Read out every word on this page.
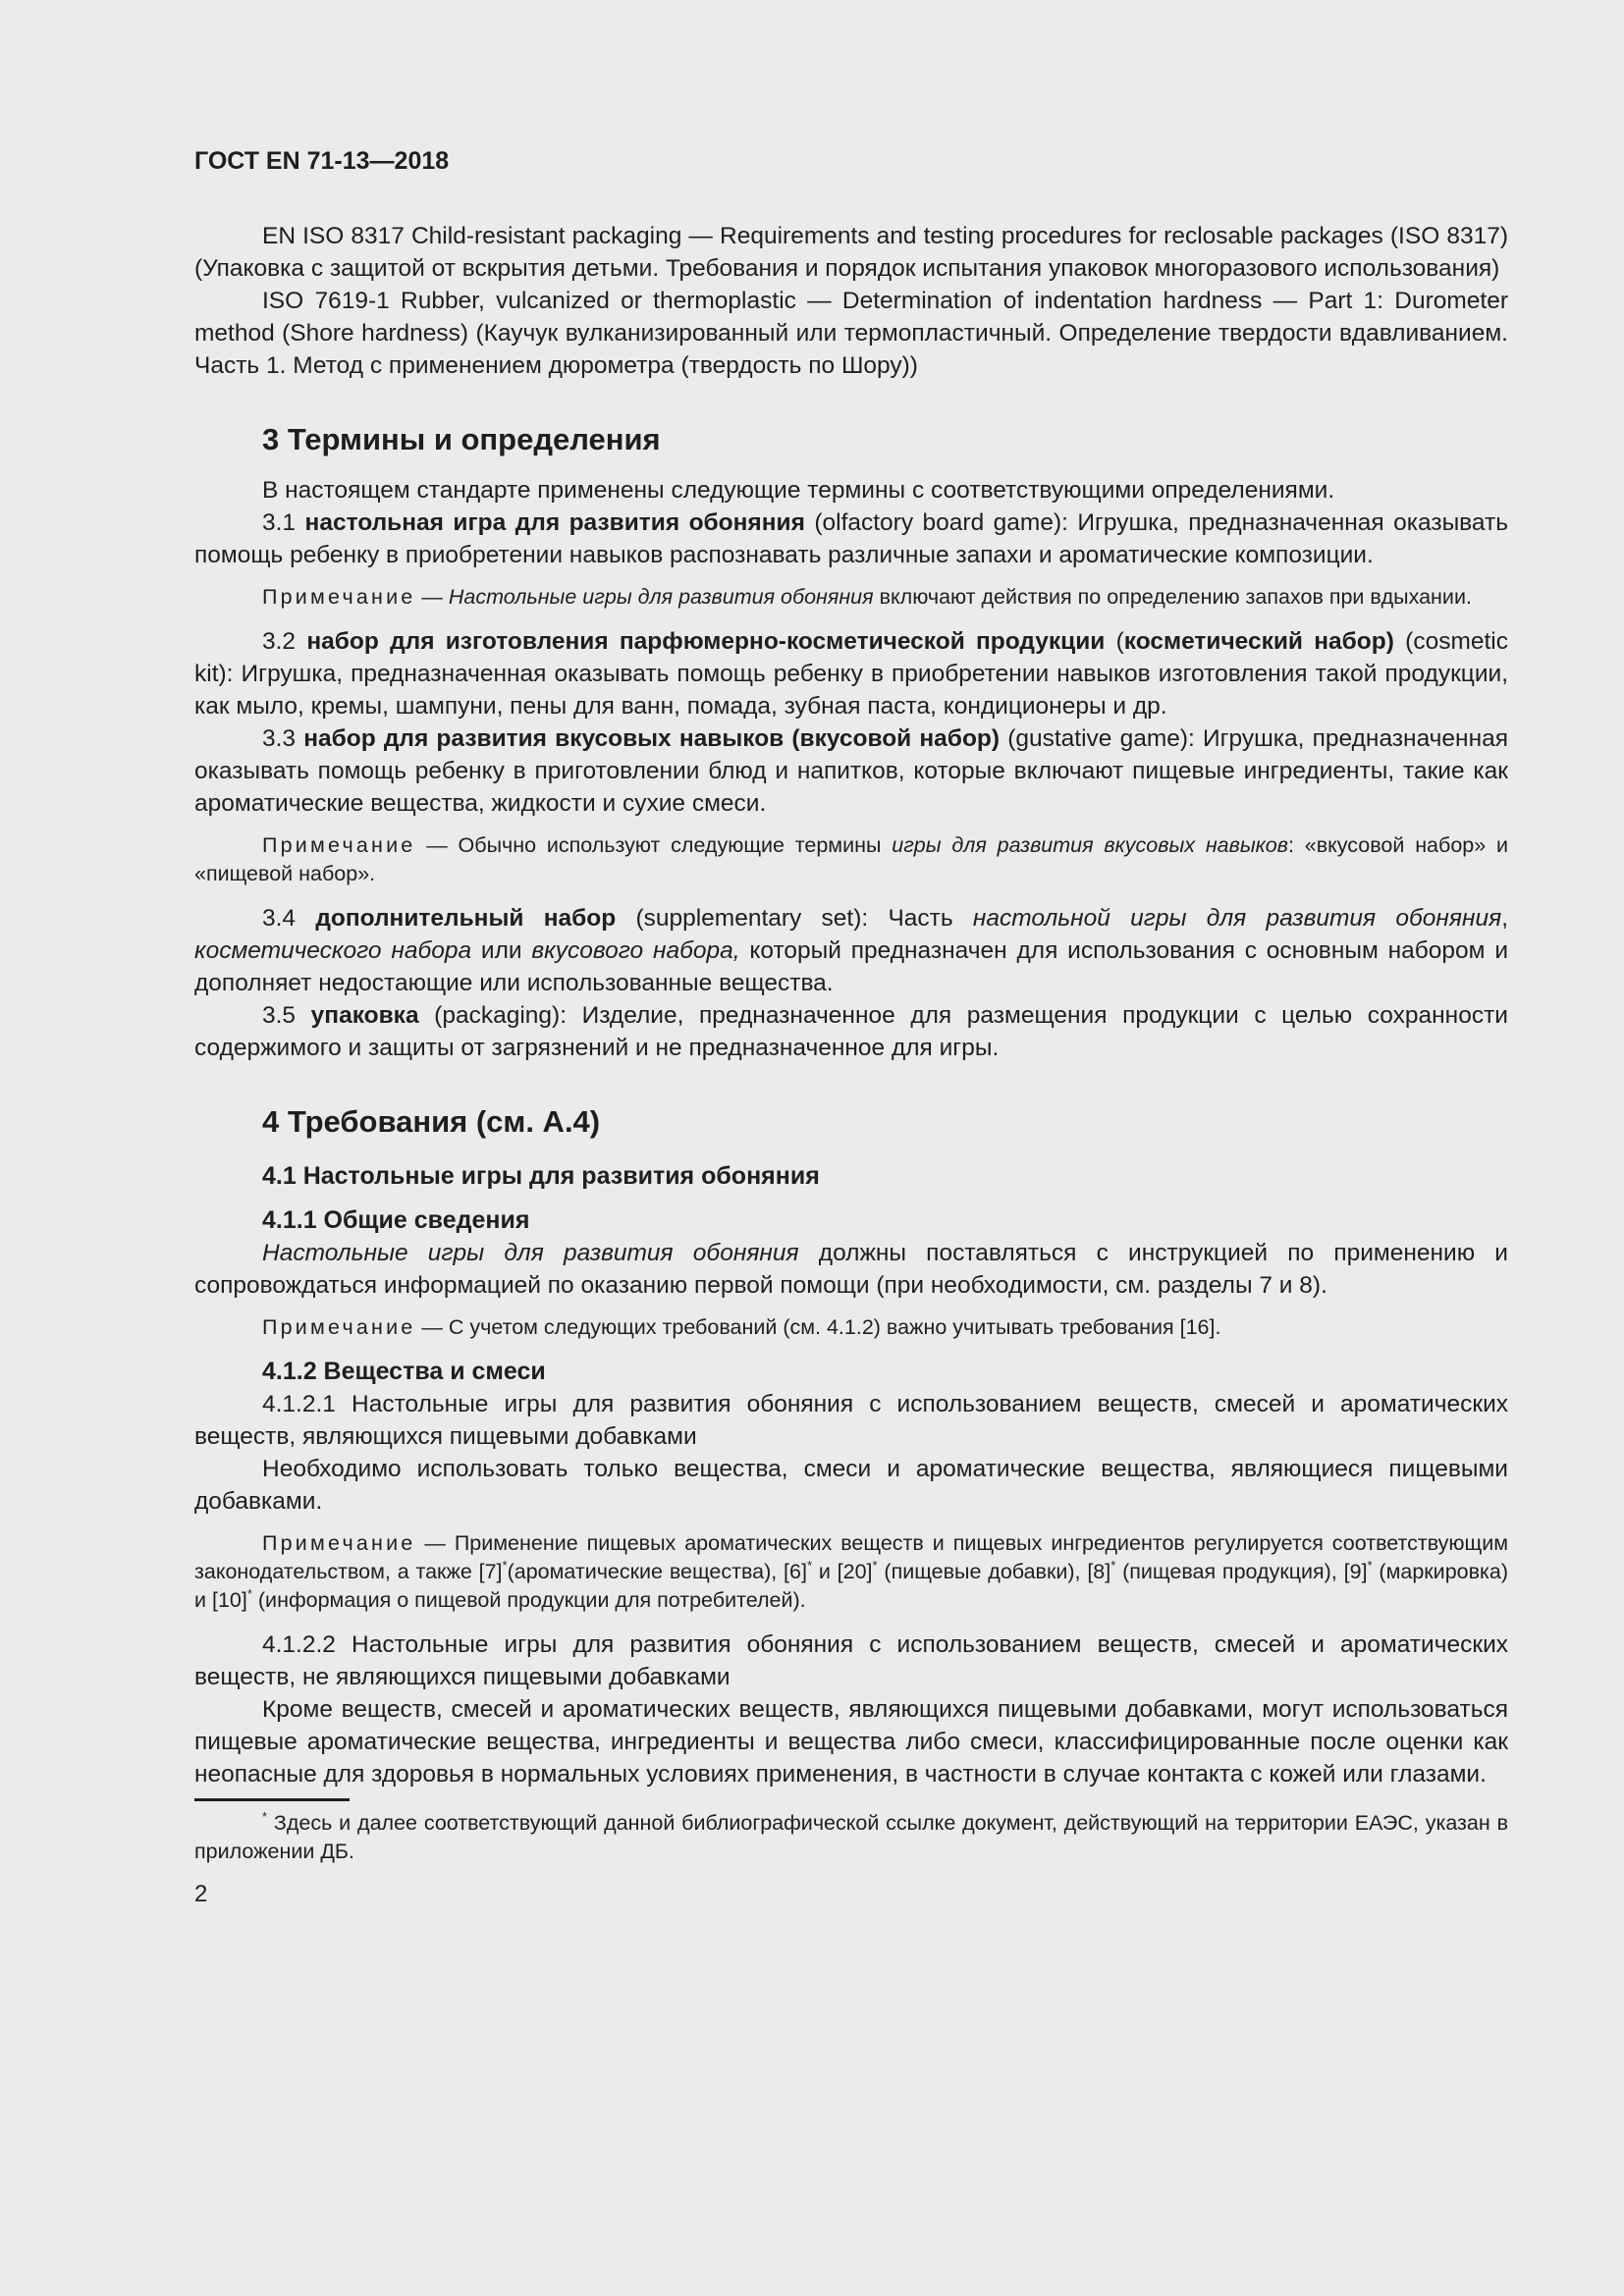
ГОСТ EN 71-13—2018

EN ISO 8317 Child-resistant packaging — Requirements and testing procedures for reclosable packages (ISO 8317) (Упаковка с защитой от вскрытия детьми. Требования и порядок испытания упаковок многоразового использования)

ISO 7619-1 Rubber, vulcanized or thermoplastic — Determination of indentation hardness — Part 1: Durometer method (Shore hardness) (Каучук вулканизированный или термопластичный. Определение твердости вдавливанием. Часть 1. Метод с применением дюрометра (твердость по Шору))

3 Термины и определения

В настоящем стандарте применены следующие термины с соответствующими определениями.

3.1 настольная игра для развития обоняния (olfactory board game): Игрушка, предназначенная оказывать помощь ребенку в приобретении навыков распознавать различные запахи и ароматические композиции.

Примечание — Настольные игры для развития обоняния включают действия по определению запахов при вдыхании.

3.2 набор для изготовления парфюмерно-косметической продукции (косметический набор) (cosmetic kit): Игрушка, предназначенная оказывать помощь ребенку в приобретении навыков изготовления такой продукции, как мыло, кремы, шампуни, пены для ванн, помада, зубная паста, кондиционеры и др.

3.3 набор для развития вкусовых навыков (вкусовой набор) (gustative game): Игрушка, предназначенная оказывать помощь ребенку в приготовлении блюд и напитков, которые включают пищевые ингредиенты, такие как ароматические вещества, жидкости и сухие смеси.

Примечание — Обычно используют следующие термины игры для развития вкусовых навыков: «вкусовой набор» и «пищевой набор».

3.4 дополнительный набор (supplementary set): Часть настольной игры для развития обоняния, косметического набора или вкусового набора, который предназначен для использования с основным набором и дополняет недостающие или использованные вещества.

3.5 упаковка (packaging): Изделие, предназначенное для размещения продукции с целью сохранности содержимого и защиты от загрязнений и не предназначенное для игры.

4 Требования (см. А.4)
4.1 Настольные игры для развития обоняния
4.1.1 Общие сведения

Настольные игры для развития обоняния должны поставляться с инструкцией по применению и сопровождаться информацией по оказанию первой помощи (при необходимости, см. разделы 7 и 8).

Примечание — С учетом следующих требований (см. 4.1.2) важно учитывать требования [16].

4.1.2 Вещества и смеси

4.1.2.1 Настольные игры для развития обоняния с использованием веществ, смесей и ароматических веществ, являющихся пищевыми добавками

Необходимо использовать только вещества, смеси и ароматические вещества, являющиеся пищевыми добавками.

Примечание — Применение пищевых ароматических веществ и пищевых ингредиентов регулируется соответствующим законодательством, а также [7]*(ароматические вещества), [6]* и [20]* (пищевые добавки), [8]* (пищевая продукция), [9]* (маркировка) и [10]* (информация о пищевой продукции для потребителей).

4.1.2.2 Настольные игры для развития обоняния с использованием веществ, смесей и ароматических веществ, не являющихся пищевыми добавками

Кроме веществ, смесей и ароматических веществ, являющихся пищевыми добавками, могут использоваться пищевые ароматические вещества, ингредиенты и вещества либо смеси, классифицированные после оценки как неопасные для здоровья в нормальных условиях применения, в частности в случае контакта с кожей или глазами.

* Здесь и далее соответствующий данной библиографической ссылке документ, действующий на территории ЕАЭС, указан в приложении ДБ.

2
